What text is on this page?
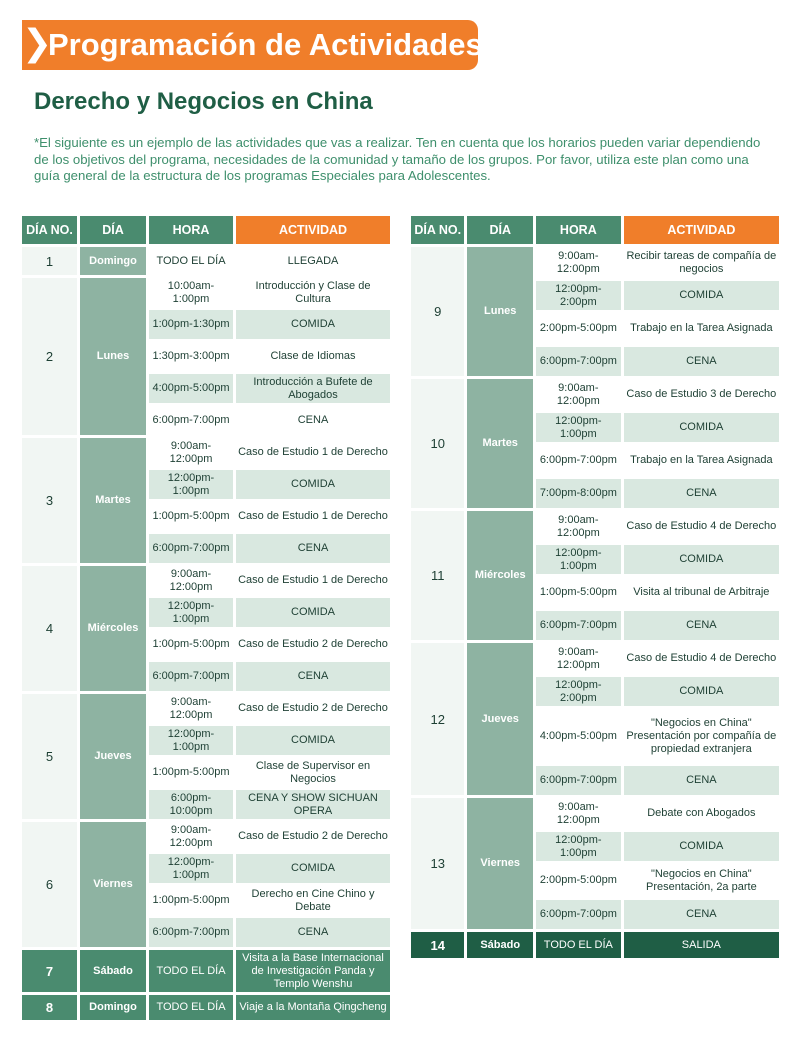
❯
Programación de Actividades
Derecho y Negocios en China
*El siguiente es un ejemplo de las actividades que vas a realizar. Ten en cuenta que los horarios pueden variar dependiendo de los objetivos del programa, necesidades de la comunidad y tamaño de los grupos. Por favor, utiliza este plan como una guía general de la estructura de los programas Especiales para Adolescentes.
DÍA NO.	DÍA	HORA	ACTIVIDAD
1	Domingo	TODO EL DÍA	LLEGADA
2	Lunes	10:00am-1:00pm	Introducción y Clase de Cultura
		1:00pm-1:30pm	COMIDA
		1:30pm-3:00pm	Clase de Idiomas
		4:00pm-5:00pm	Introducción a Bufete de Abogados
		6:00pm-7:00pm	CENA
3	Martes	9:00am-12:00pm	Caso de Estudio 1 de Derecho
		12:00pm-1:00pm	COMIDA
		1:00pm-5:00pm	Caso de Estudio 1 de Derecho
		6:00pm-7:00pm	CENA
4	Miércoles	9:00am-12:00pm	Caso de Estudio 1 de Derecho
		12:00pm-1:00pm	COMIDA
		1:00pm-5:00pm	Caso de Estudio 2 de Derecho
		6:00pm-7:00pm	CENA
5	Jueves	9:00am-12:00pm	Caso de Estudio 2 de Derecho
		12:00pm-1:00pm	COMIDA
		1:00pm-5:00pm	Clase de Supervisor en Negocios
		6:00pm-10:00pm	CENA Y SHOW SICHUAN OPERA
6	Viernes	9:00am-12:00pm	Caso de Estudio 2 de Derecho
		12:00pm-1:00pm	COMIDA
		1:00pm-5:00pm	Derecho en Cine Chino y Debate
		6:00pm-7:00pm	CENA
7	Sábado	TODO EL DÍA	Visita a la Base Internacional de Investigación Panda y Templo Wenshu
8	Domingo	TODO EL DÍA	Viaje a la Montaña Qingcheng
DÍA NO.	DÍA	HORA	ACTIVIDAD
9	Lunes	9:00am-12:00pm	Recibir tareas de compañía de negocios
		12:00pm-2:00pm	COMIDA
		2:00pm-5:00pm	Trabajo en la Tarea Asignada
		6:00pm-7:00pm	CENA
10	Martes	9:00am-12:00pm	Caso de Estudio 3 de Derecho
		12:00pm-1:00pm	COMIDA
		6:00pm-7:00pm	Trabajo en la Tarea Asignada
		7:00pm-8:00pm	CENA
11	Miércoles	9:00am-12:00pm	Caso de Estudio 4 de Derecho
		12:00pm-1:00pm	COMIDA
		1:00pm-5:00pm	Visita al tribunal de Arbitraje
		6:00pm-7:00pm	CENA
12	Jueves	9:00am-12:00pm	Caso de Estudio 4 de Derecho
		12:00pm-2:00pm	COMIDA
		4:00pm-5:00pm	"Negocios en China" Presentación por compañía de propiedad extranjera
		6:00pm-7:00pm	CENA
13	Viernes	9:00am-12:00pm	Debate con Abogados
		12:00pm-1:00pm	COMIDA
		2:00pm-5:00pm	"Negocios en China" Presentación, 2a parte
		6:00pm-7:00pm	CENA
14	Sábado	TODO EL DÍA	SALIDA
